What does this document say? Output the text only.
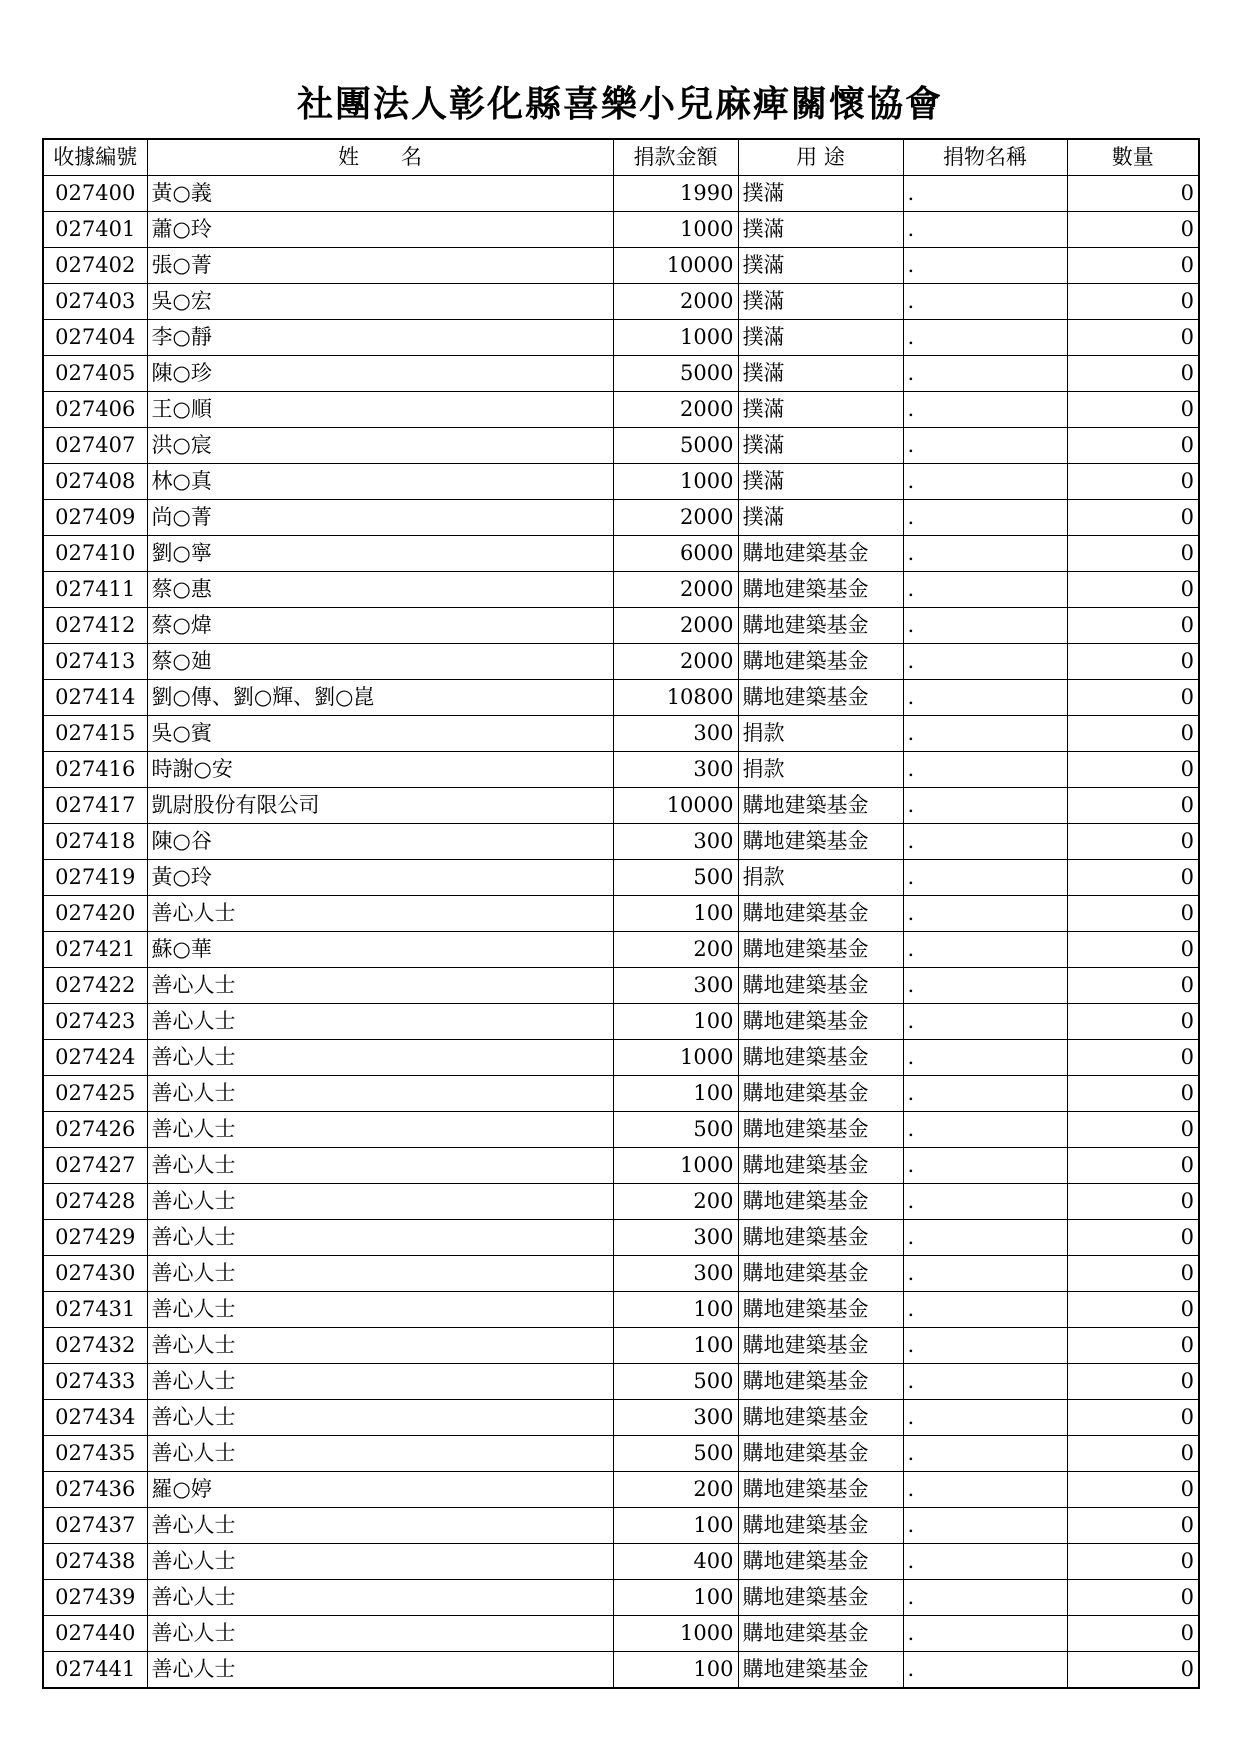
社團法人彰化縣喜樂小兒麻痺關懷協會
收據編號	姓　　名	捐款金額	用 途	捐物名稱	數量
027400	黃○義	1990	撲滿	.	0
027401	蕭○玲	1000	撲滿	.	0
027402	張○菁	10000	撲滿	.	0
027403	吳○宏	2000	撲滿	.	0
027404	李○靜	1000	撲滿	.	0
027405	陳○珍	5000	撲滿	.	0
027406	王○順	2000	撲滿	.	0
027407	洪○宸	5000	撲滿	.	0
027408	林○真	1000	撲滿	.	0
027409	尚○菁	2000	撲滿	.	0
027410	劉○寧	6000	購地建築基金	.	0
027411	蔡○惠	2000	購地建築基金	.	0
027412	蔡○煒	2000	購地建築基金	.	0
027413	蔡○廸	2000	購地建築基金	.	0
027414	劉○傳、劉○輝、劉○崑	10800	購地建築基金	.	0
027415	吳○賓	300	捐款	.	0
027416	時謝○安	300	捐款	.	0
027417	凱尉股份有限公司	10000	購地建築基金	.	0
027418	陳○谷	300	購地建築基金	.	0
027419	黃○玲	500	捐款	.	0
027420	善心人士	100	購地建築基金	.	0
027421	蘇○華	200	購地建築基金	.	0
027422	善心人士	300	購地建築基金	.	0
027423	善心人士	100	購地建築基金	.	0
027424	善心人士	1000	購地建築基金	.	0
027425	善心人士	100	購地建築基金	.	0
027426	善心人士	500	購地建築基金	.	0
027427	善心人士	1000	購地建築基金	.	0
027428	善心人士	200	購地建築基金	.	0
027429	善心人士	300	購地建築基金	.	0
027430	善心人士	300	購地建築基金	.	0
027431	善心人士	100	購地建築基金	.	0
027432	善心人士	100	購地建築基金	.	0
027433	善心人士	500	購地建築基金	.	0
027434	善心人士	300	購地建築基金	.	0
027435	善心人士	500	購地建築基金	.	0
027436	羅○婷	200	購地建築基金	.	0
027437	善心人士	100	購地建築基金	.	0
027438	善心人士	400	購地建築基金	.	0
027439	善心人士	100	購地建築基金	.	0
027440	善心人士	1000	購地建築基金	.	0
027441	善心人士	100	購地建築基金	.	0
